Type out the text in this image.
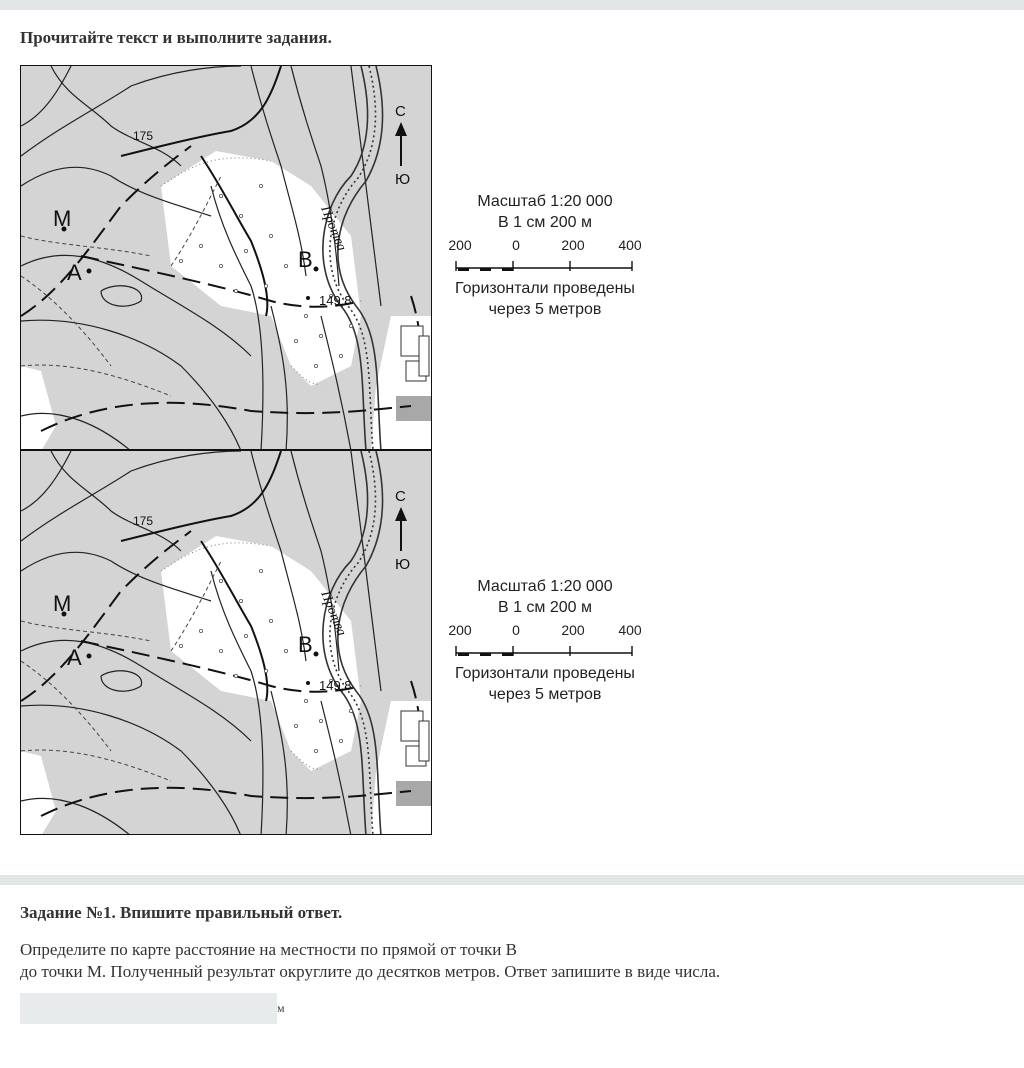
Прочитайте текст и выполните задания.
175
М
А
В
149,8
С
Ю
Протва
Масштаб 1:20 000
В 1 см 200 м
200	0	200 400
Горизонтали проведены
через 5 метров
175
М
А
В
149,8
С
Ю
Протва
Масштаб 1:20 000
В 1 см 200 м
200	0	200 400
Горизонтали проведены
через 5 метров
Задание №1. Впишите правильный ответ.
Определите по карте расстояние на местности по прямой от точки В
до точки М. Полученный результат округлите до десятков метров. Ответ запишите в виде числа.
м
